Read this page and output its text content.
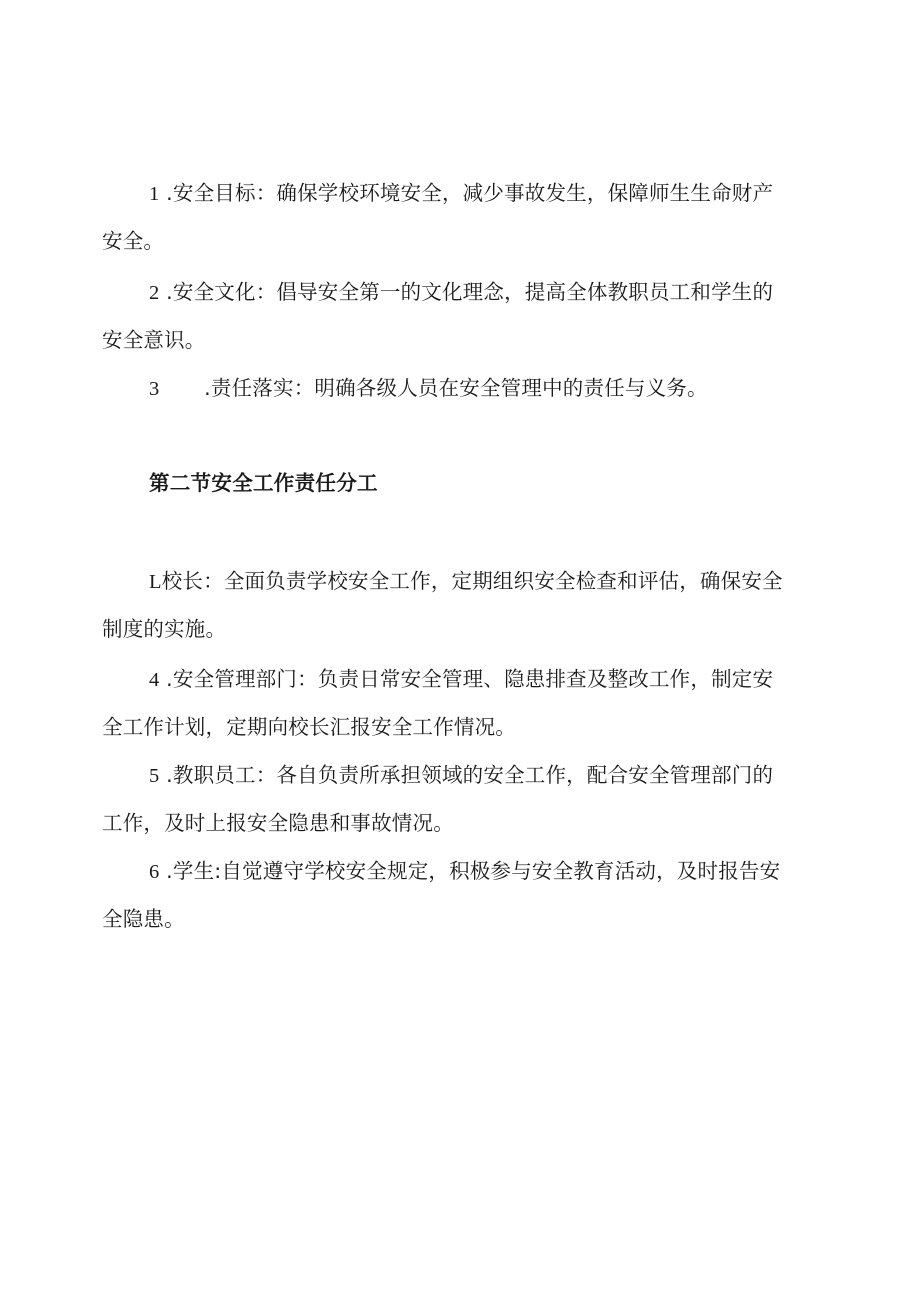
1 .安全目标：确保学校环境安全，减少事故发生，保障师生生命财产
安全。
2 .安全文化：倡导安全第一的文化理念，提高全体教职员工和学生的
安全意识。
3 .责任落实：明确各级人员在安全管理中的责任与义务。
第二节安全工作责任分工
L校长：全面负责学校安全工作，定期组织安全检查和评估，确保安全
制度的实施。
4 .安全管理部门：负责日常安全管理、隐患排查及整改工作，制定安
全工作计划，定期向校长汇报安全工作情况。
5 .教职员工：各自负责所承担领域的安全工作，配合安全管理部门的
工作，及时上报安全隐患和事故情况。
6 .学生:自觉遵守学校安全规定，积极参与安全教育活动，及时报告安
全隐患。
